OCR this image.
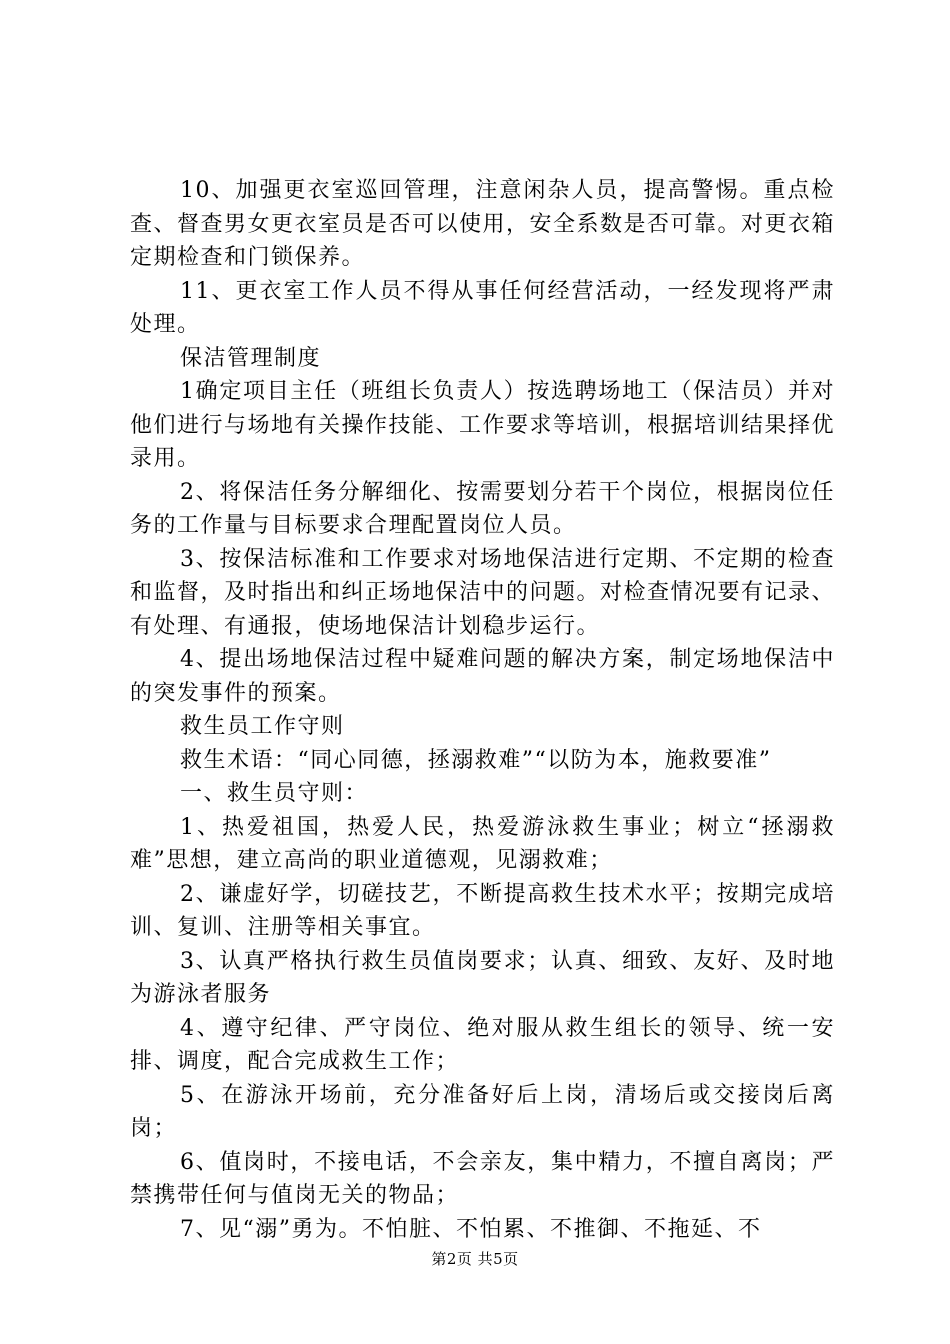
10、加强更衣室巡回管理，注意闲杂人员，提高警惕。重点检查、督查男女更衣室员是否可以使用，安全系数是否可靠。对更衣箱定期检查和门锁保养。

11、更衣室工作人员不得从事任何经营活动，一经发现将严肃处理。

保洁管理制度

1确定项目主任（班组长负责人）按选聘场地工（保洁员）并对他们进行与场地有关操作技能、工作要求等培训，根据培训结果择优录用。

2、将保洁任务分解细化、按需要划分若干个岗位，根据岗位任务的工作量与目标要求合理配置岗位人员。

3、按保洁标准和工作要求对场地保洁进行定期、不定期的检查和监督，及时指出和纠正场地保洁中的问题。对检查情况要有记录、有处理、有通报，使场地保洁计划稳步运行。

4、提出场地保洁过程中疑难问题的解决方案，制定场地保洁中的突发事件的预案。

救生员工作守则

救生术语：“同心同德，拯溺救难”“以防为本，施救要准”

一、救生员守则：

1、热爱祖国，热爱人民，热爱游泳救生事业；树立“拯溺救难”思想，建立高尚的职业道德观，见溺救难；

2、谦虚好学，切磋技艺，不断提高救生技术水平；按期完成培训、复训、注册等相关事宜。

3、认真严格执行救生员值岗要求；认真、细致、友好、及时地为游泳者服务

4、遵守纪律、严守岗位、绝对服从救生组长的领导、统一安排、调度，配合完成救生工作；

5、在游泳开场前，充分准备好后上岗，清场后或交接岗后离岗；

6、值岗时，不接电话，不会亲友，集中精力，不擅自离岗；严禁携带任何与值岗无关的物品；

7、见“溺”勇为。不怕脏、不怕累、不推御、不拖延、不

第2页 共5页
